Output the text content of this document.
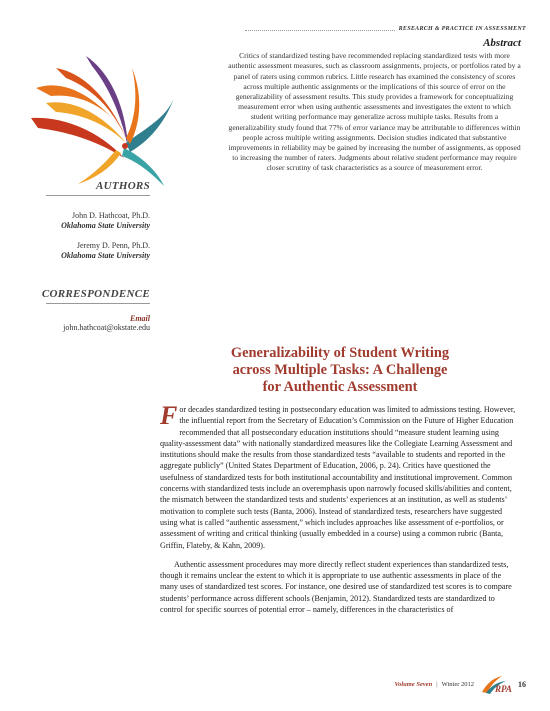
RESEARCH & PRACTICE IN ASSESSMENT
Abstract

Critics of standardized testing have recommended replacing standardized tests with more authentic assessment measures, such as classroom assignments, projects, or portfolios rated by a panel of raters using common rubrics. Little research has examined the consistency of scores across multiple authentic assignments or the implications of this source of error on the generalizability of assessment results. This study provides a framework for conceptualizing measurement error when using authentic assessments and investigates the extent to which student writing performance may generalize across multiple tasks. Results from a generalizability study found that 77% of error variance may be attributable to differences within people across multiple writing assignments. Decision studies indicated that substantive improvements in reliability may be gained by increasing the number of assignments, as opposed to increasing the number of raters. Judgments about relative student performance may require closer scrutiny of task characteristics as a source of measurement error.

AUTHORS
John D. Hathcoat, Ph.D.
Oklahoma State University
Jeremy D. Penn, Ph.D.
Oklahoma State University
CORRESPONDENCE
Email
john.hathcoat@okstate.edu
Generalizability of Student Writing
across Multiple Tasks: A Challenge
for Authentic Assessment

For decades standardized testing in postsecondary education was limited to admissions testing. However, the influential report from the Secretary of Education’s Commission on the Future of Higher Education recommended that all postsecondary education institutions should “measure student learning using quality-assessment data” with nationally standardized measures like the Collegiate Learning Assessment and institutions should make the results from those standardized tests “available to students and reported in the aggregate publicly” (United States Department of Education, 2006, p. 24). Critics have questioned the usefulness of standardized tests for both institutional accountability and institutional improvement. Common concerns with standardized tests include an overemphasis upon narrowly focused skills/abilities and content, the mismatch between the standardized tests and students’ experiences at an institution, as well as students’ motivation to complete such tests (Banta, 2006). Instead of standardized tests, researchers have suggested using what is called “authentic assessment,” which includes approaches like assessment of e-portfolios, or assessment of writing and critical thinking (usually embedded in a course) using a common rubric (Banta, Griffin, Flateby, & Kahn, 2009).

Authentic assessment procedures may more directly reflect student experiences than standardized tests, though it remains unclear the extent to which it is appropriate to use authentic assessments in place of the many uses of standardized test scores. For instance, one desired use of standardized test scores is to compare students’ performance across different schools (Benjamin, 2012). Standardized tests are standardized to control for specific sources of potential error – namely, differences in the characteristics of

Volume Seven | Winter 2012 RPA 16
